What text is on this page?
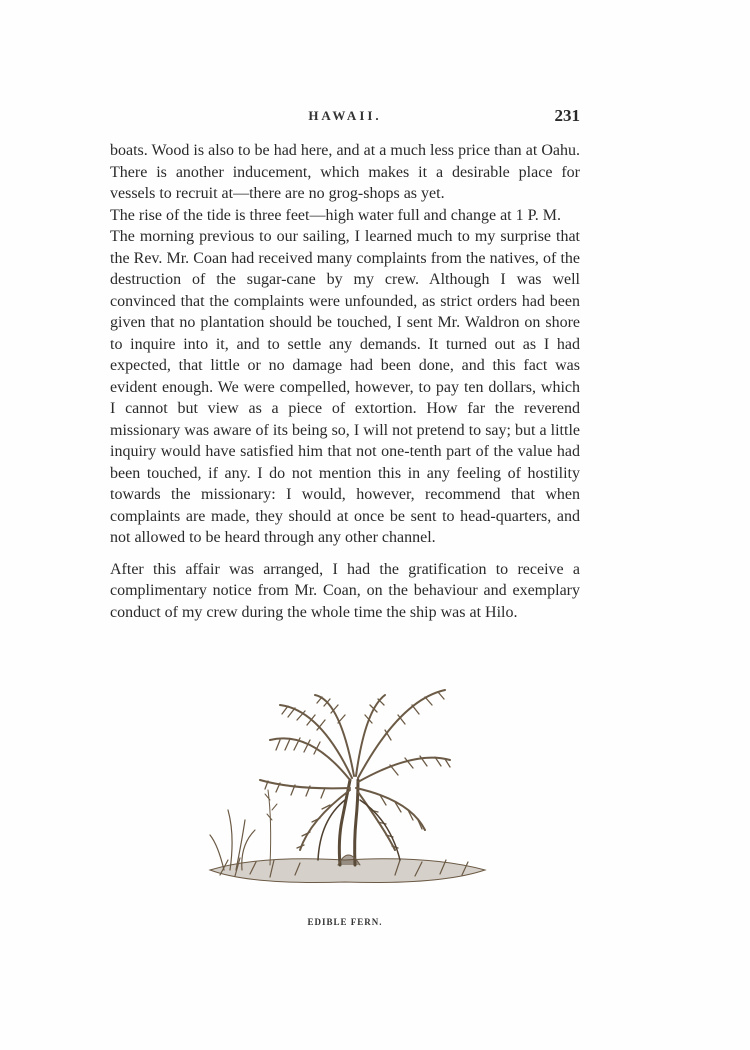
HAWAII.	231

boats. Wood is also to be had here, and at a much less price than at Oahu. There is another inducement, which makes it a desirable place for vessels to recruit at—there are no grog-shops as yet.

The rise of the tide is three feet—high water full and change at 1 P. M.

The morning previous to our sailing, I learned much to my surprise that the Rev. Mr. Coan had received many complaints from the natives, of the destruction of the sugar-cane by my crew. Although I was well convinced that the complaints were unfounded, as strict orders had been given that no plantation should be touched, I sent Mr. Waldron on shore to inquire into it, and to settle any demands. It turned out as I had expected, that little or no damage had been done, and this fact was evident enough. We were compelled, however, to pay ten dollars, which I cannot but view as a piece of extortion. How far the reverend missionary was aware of its being so, I will not pretend to say; but a little inquiry would have satisfied him that not one-tenth part of the value had been touched, if any. I do not mention this in any feeling of hostility towards the missionary: I would, however, recommend that when complaints are made, they should at once be sent to head-quarters, and not allowed to be heard through any other channel.

After this affair was arranged, I had the gratification to receive a complimentary notice from Mr. Coan, on the behaviour and exemplary conduct of my crew during the whole time the ship was at Hilo.

EDIBLE FERN.
